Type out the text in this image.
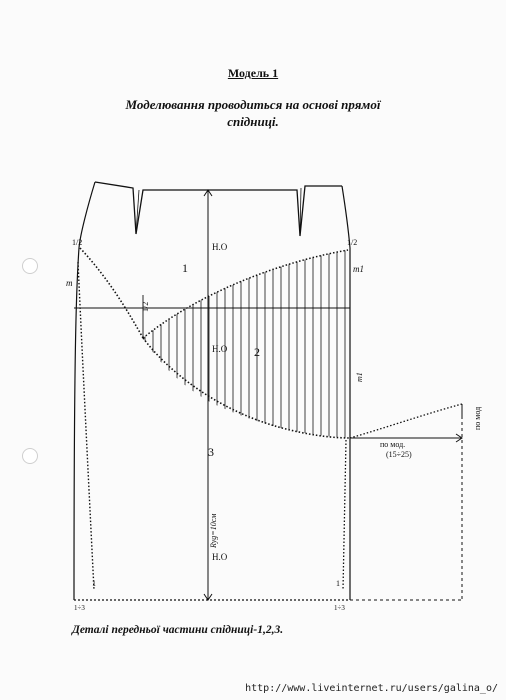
Модель 1
Моделювання проводиться на основі прямої
спідниці.
1
2
3
Н.О
Н.О
Н.О
Ryg=10см
1/2	1/2
1/2
m
m1
m1
по мод
по мод.
(15÷25)
1÷3	1÷3
1	1
Деталі передньої частини спідниці-1,2,3.
http://www.liveinternet.ru/users/galina_o/
